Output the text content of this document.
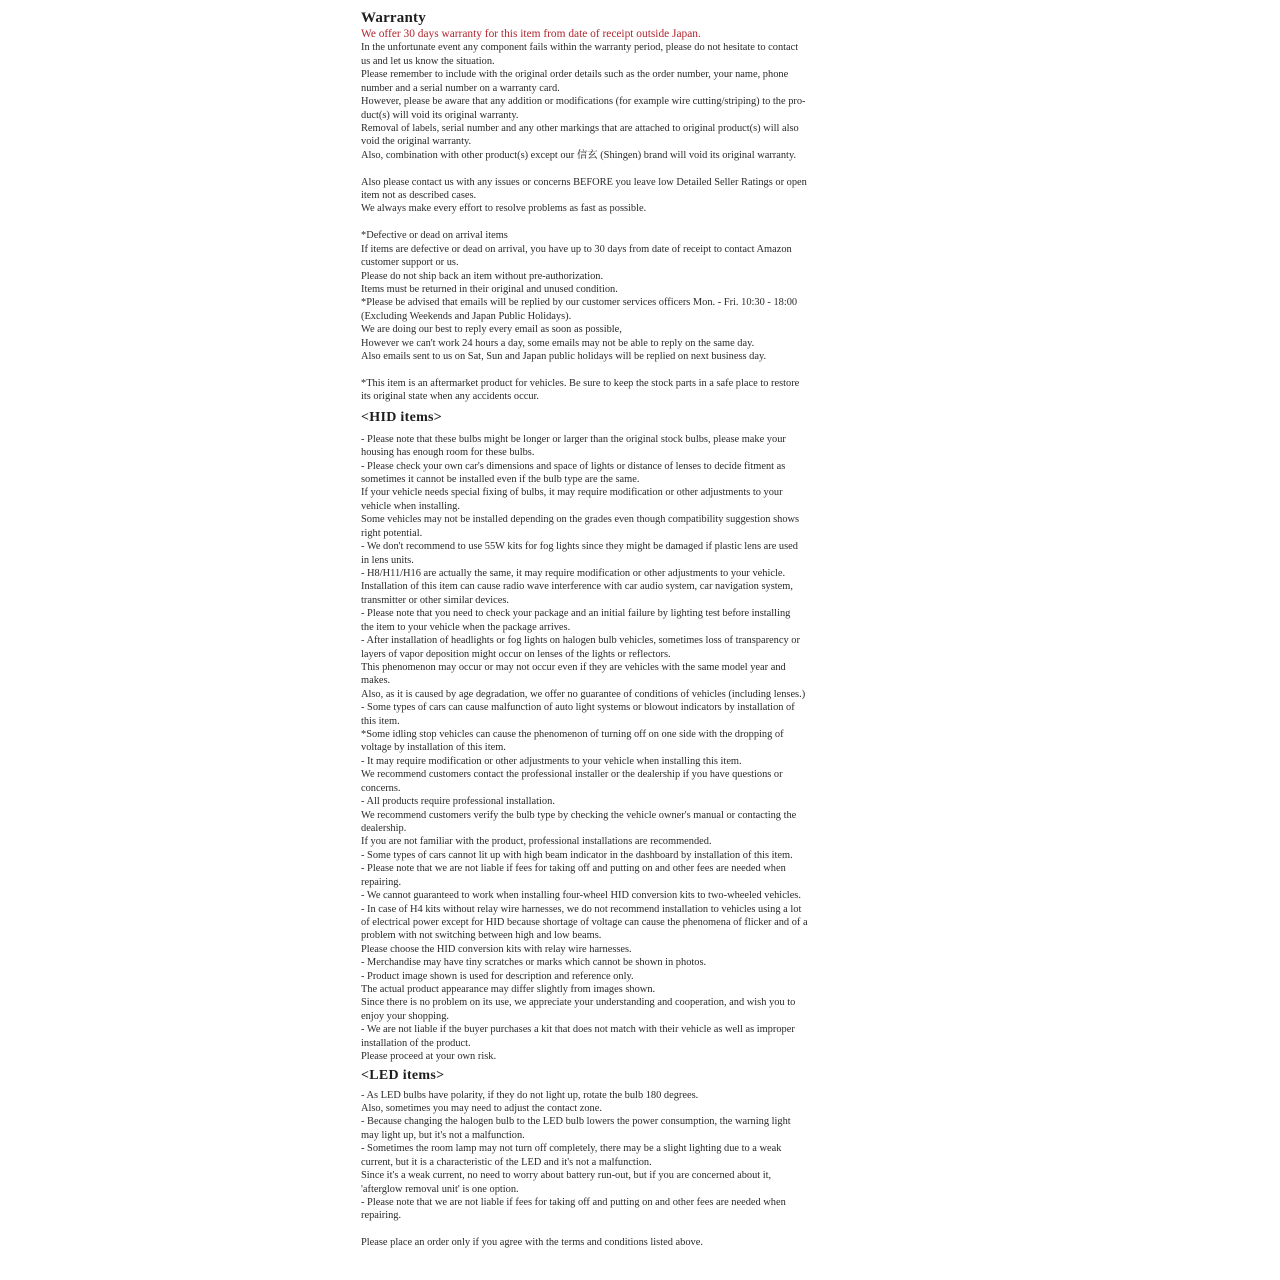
Warranty

We offer 30 days warranty for this item from date of receipt outside Japan.

In the unfortunate event any component fails within the warranty period, please do not hesitate to contact

us and let us know the situation.

Please remember to include with the original order details such as the order number, your name, phone

number and a serial number on a warranty card.

However, please be aware that any addition or modifications (for example wire cutting/striping) to the pro-

duct(s) will void its original warranty.

Removal of labels, serial number and any other markings that are attached to original product(s) will also

void the original warranty.

Also, combination with other product(s) except our 信玄 (Shingen) brand will void its original warranty.

Also please contact us with any issues or concerns BEFORE you leave low Detailed Seller Ratings or open

item not as described cases.

We always make every effort to resolve problems as fast as possible.

*Defective or dead on arrival items

If items are defective or dead on arrival, you have up to 30 days from date of receipt to contact Amazon

customer support or us.

Please do not ship back an item without pre-authorization.

Items must be returned in their original and unused condition.

*Please be advised that emails will be replied by our customer services officers Mon. - Fri. 10:30 - 18:00

(Excluding Weekends and Japan Public Holidays).

We are doing our best to reply every email as soon as possible,

However we can't work 24 hours a day, some emails may not be able to reply on the same day.

Also emails sent to us on Sat, Sun and Japan public holidays will be replied on next business day.

*This item is an aftermarket product for vehicles. Be sure to keep the stock parts in a safe place to restore

its original state when any accidents occur.

<HID items>

- Please note that these bulbs might be longer or larger than the original stock bulbs, please make your

housing has enough room for these bulbs.

- Please check your own car's dimensions and space of lights or distance of lenses to decide fitment as

sometimes it cannot be installed even if the bulb type are the same.

If your vehicle needs special fixing of bulbs, it may require modification or other adjustments to your

vehicle when installing.

Some vehicles may not be installed depending on the grades even though compatibility suggestion shows

right potential.

- We don't recommend to use 55W kits for fog lights since they might be damaged if plastic lens are used

in lens units.

- H8/H11/H16 are actually the same, it may require modification or other adjustments to your vehicle.

Installation of this item can cause radio wave interference with car audio system, car navigation system,

transmitter or other similar devices.

- Please note that you need to check your package and an initial failure by lighting test before installing

the item to your vehicle when the package arrives.

- After installation of headlights or fog lights on halogen bulb vehicles, sometimes loss of transparency or

layers of vapor deposition might occur on lenses of the lights or reflectors.

This phenomenon may occur or may not occur even if they are vehicles with the same model year and

makes.

Also, as it is caused by age degradation, we offer no guarantee of conditions of vehicles (including lenses.)

- Some types of cars can cause malfunction of auto light systems or blowout indicators by installation of

this item.

*Some idling stop vehicles can cause the phenomenon of turning off on one side with the dropping of

voltage by installation of this item.

- It may require modification or other adjustments to your vehicle when installing this item.

We recommend customers contact the professional installer or the dealership if you have questions or

concerns.

- All products require professional installation.

We recommend customers verify the bulb type by checking the vehicle owner's manual or contacting the

dealership.

If you are not familiar with the product, professional installations are recommended.

- Some types of cars cannot lit up with high beam indicator in the dashboard by installation of this item.

- Please note that we are not liable if fees for taking off and putting on and other fees are needed when

repairing.

- We cannot guaranteed to work when installing four-wheel HID conversion kits to two-wheeled vehicles.

- In case of H4 kits without relay wire harnesses, we do not recommend installation to vehicles using a lot

of electrical power except for HID because shortage of voltage can cause the phenomena of flicker and of a

problem with not switching between high and low beams.

Please choose the HID conversion kits with relay wire harnesses.

- Merchandise may have tiny scratches or marks which cannot be shown in photos.

- Product image shown is used for description and reference only.

The actual product appearance may differ slightly from images shown.

Since there is no problem on its use, we appreciate your understanding and cooperation, and wish you to

enjoy your shopping.

- We are not liable if the buyer purchases a kit that does not match with their vehicle as well as improper

installation of the product.

Please proceed at your own risk.

<LED items>

- As LED bulbs have polarity, if they do not light up, rotate the bulb 180 degrees.

Also, sometimes you may need to adjust the contact zone.

- Because changing the halogen bulb to the LED bulb lowers the power consumption, the warning light

may light up, but it's not a malfunction.

- Sometimes the room lamp may not turn off completely, there may be a slight lighting due to a weak

current, but it is a characteristic of the LED and it's not a malfunction.

Since it's a weak current, no need to worry about battery run-out, but if you are concerned about it,

'afterglow removal unit' is one option.

- Please note that we are not liable if fees for taking off and putting on and other fees are needed when

repairing.

Please place an order only if you agree with the terms and conditions listed above.
